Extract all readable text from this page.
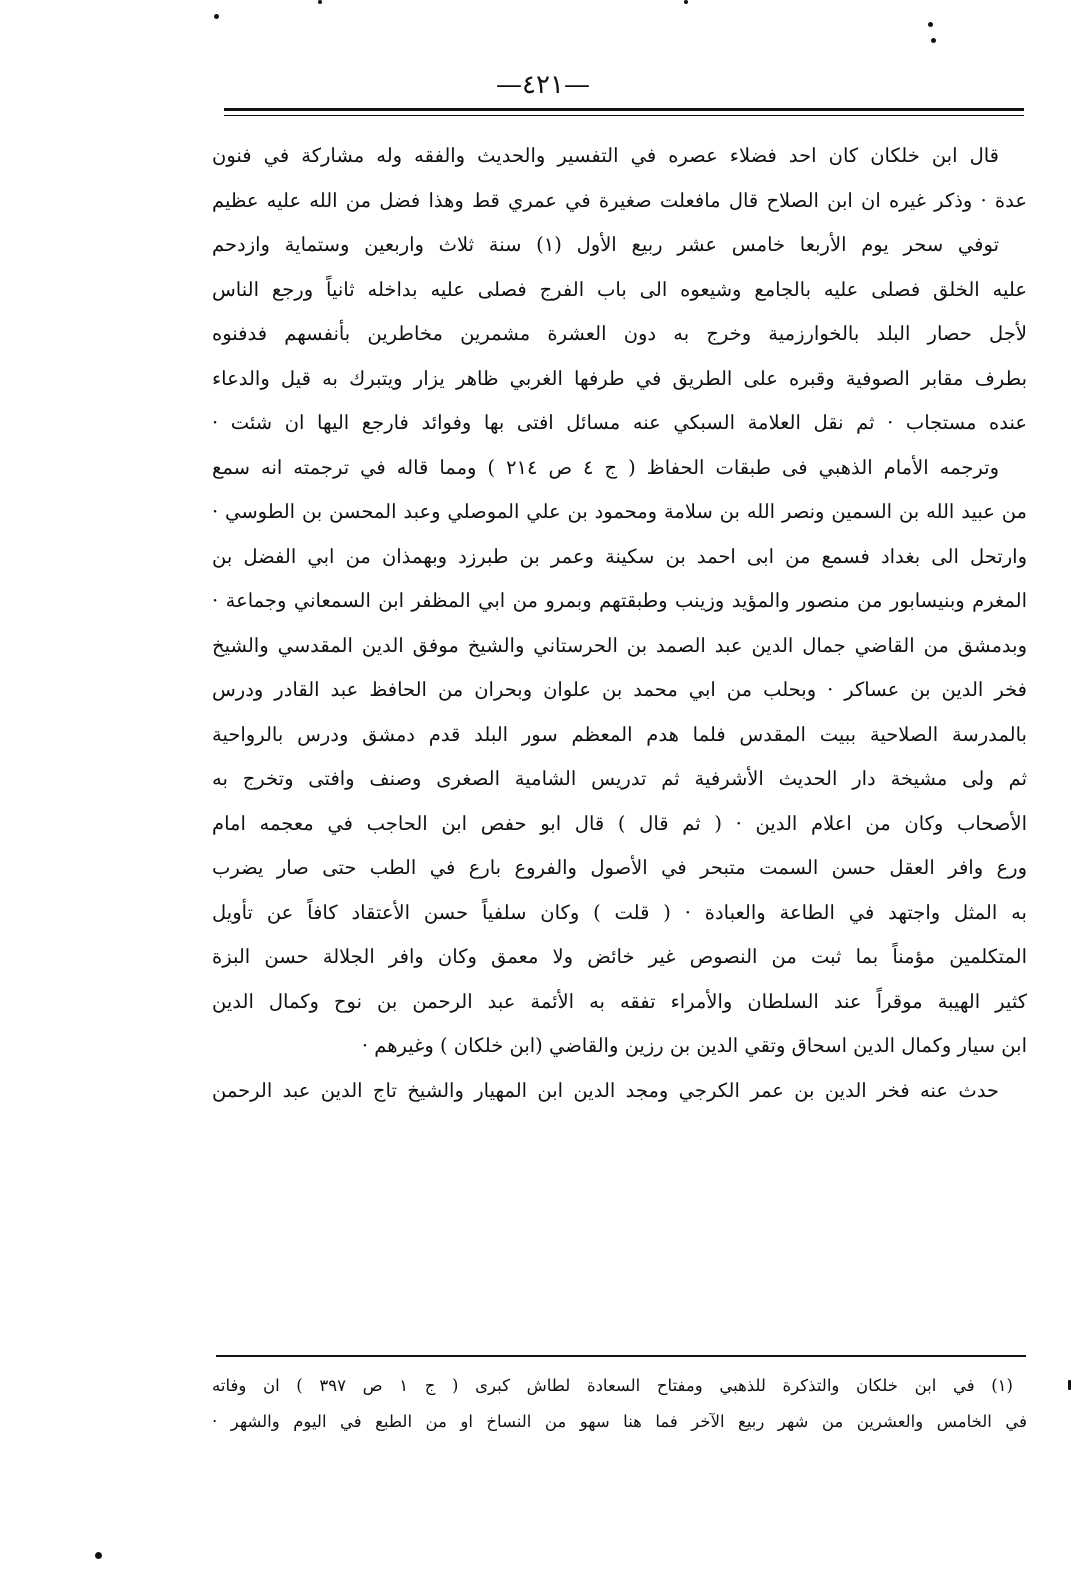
—٤٢١—
قال ابن خلكان كان احد فضلاء عصره في التفسير والحديث والفقه وله مشاركة في فنون
عدة · وذكر غيره ان ابن الصلاح قال مافعلت صغيرة في عمري قط وهذا فضل من الله عليه عظيم
توفي سحر يوم الأربعا خامس عشر ربيع الأول (١) سنة ثلاث واربعين وستماية وازدحم
عليه الخلق فصلى عليه بالجامع وشيعوه الى باب الفرج فصلى عليه بداخله ثانياً ورجع الناس
لأجل حصار البلد بالخوارزمية وخرج به دون العشرة مشمرين مخاطرين بأنفسهم فدفنوه
بطرف مقابر الصوفية وقبره على الطريق في طرفها الغربي ظاهر يزار ويتبرك به قيل والدعاء
عنده مستجاب · ثم نقل العلامة السبكي عنه مسائل افتى بها وفوائد فارجع اليها ان شئت ·
وترجمه الأمام الذهبي فى طبقات الحفاظ ( ج ٤ ص ٢١٤ ) ومما قاله في ترجمته انه سمع
من عبيد الله بن السمين ونصر الله بن سلامة ومحمود بن علي الموصلي وعبد المحسن بن الطوسي ·
وارتحل الى بغداد فسمع من ابى احمد بن سكينة وعمر بن طبرزد وبهمذان من ابي الفضل بن
المغرم وبنيسابور من منصور والمؤيد وزينب وطبقتهم وبمرو من ابي المظفر ابن السمعاني وجماعة ·
وبدمشق من القاضي جمال الدين عبد الصمد بن الحرستاني والشيخ موفق الدين المقدسي والشيخ
فخر الدين بن عساكر · وبحلب من ابي محمد بن علوان وبحران من الحافظ عبد القادر ودرس
بالمدرسة الصلاحية ببيت المقدس فلما هدم المعظم سور البلد قدم دمشق ودرس بالرواحية
ثم ولى مشيخة دار الحديث الأشرفية ثم تدريس الشامية الصغرى وصنف وافتى وتخرج به
الأصحاب وكان من اعلام الدين · ( ثم قال ) قال ابو حفص ابن الحاجب في معجمه امام
ورع وافر العقل حسن السمت متبحر في الأصول والفروع بارع في الطب حتى صار يضرب
به المثل واجتهد في الطاعة والعبادة · ( قلت ) وكان سلفياً حسن الأعتقاد كافاً عن تأويل
المتكلمين مؤمناً بما ثبت من النصوص غير خائض ولا معمق وكان وافر الجلالة حسن البزة
كثير الهيبة موقراً عند السلطان والأمراء تفقه به الأئمة عبد الرحمن بن نوح وكمال الدين
ابن سيار وكمال الدين اسحاق وتقي الدين بن رزين والقاضي (ابن خلكان ) وغيرهم ·
حدث عنه فخر الدين بن عمر الكرجي ومجد الدين ابن المهيار والشيخ تاج الدين عبد الرحمن
(١) في ابن خلكان والتذكرة للذهبي ومفتاح السعادة لطاش كبرى ( ج ١ ص ٣٩٧ ) ان وفاته
في الخامس والعشرين من شهر ربيع الآخر فما هنا سهو من النساخ او من الطبع في اليوم والشهر ·
